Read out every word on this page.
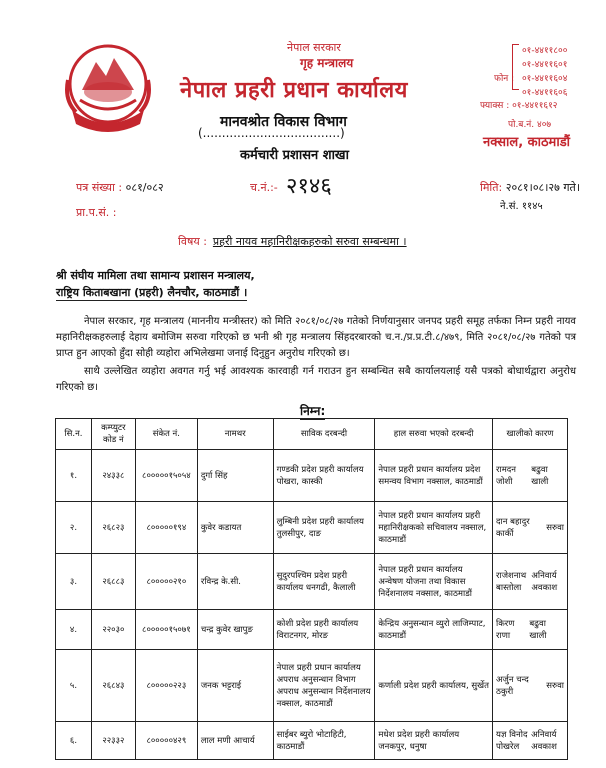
नेपाल सरकार
गृह मन्त्रालय
नेपाल प्रहरी प्रधान कार्यालय
मानवश्रोत विकास विभाग
(....................................)
कर्मचारी प्रशासन शाखा
०१-४४११८००
०१-४४११६०१
०१-४४११६०४
०१-४४११६०६
फोन :
फ्याक्स : ०१-४४११६१२
पो.ब.नं. ४०७
नक्साल, काठमाडौं
पत्र संख्या : ०८१/०८२	च.नं.:- २१४६	मिति: २०८१।०८।२७ गते।
ने.सं. ११४५
प्रा.प.सं. :
विषय : प्रहरी नायव महानिरीक्षकहरुको सरुवा सम्बन्धमा ।
श्री संघीय मामिला तथा सामान्य प्रशासन मन्त्रालय,
राष्ट्रिय किताबखाना (प्रहरी) लैनचौर, काठमाडौं ।
नेपाल सरकार, गृह मन्त्रालय (माननीय मन्त्रीस्तर) को मिति २०८१/०८/२७ गतेको निर्णयानुसार जनपद प्रहरी समूह तर्फका निम्न प्रहरी नायव महानिरीक्षकहरुलाई देहाय बमोजिम सरुवा गरिएको छ भनी श्री गृह मन्त्रालय सिंहदरबारको च.न./प्र.प्र.टी.८/४७९, मिति २०८१/०८/२७ गतेको पत्र प्राप्त हुन आएको हुँदा सोही व्यहोरा अभिलेखमा जनाई दिनुहुन अनुरोध गरिएको छ।
साथै उल्लेखित व्यहोरा अवगत गर्नु भई आवश्यक कारवाही गर्न गराउन हुन सम्बन्धित सबै कार्यालयलाई यसै पत्रको बोधार्थद्वारा अनुरोध गरिएको छ।
निम्न:
सि.न.	कम्प्युटर कोड नं	संकेत नं.	नामथर	साविक दरबन्दी	हाल सरुवा भएको दरबन्दी	खालीको कारण
१.	२४३३८	८०००००१५०५४	दुर्गा सिंह	गण्डकी प्रदेश प्रहरी कार्यालय पोखरा, कास्की	नेपाल प्रहरी प्रधान कार्यालय प्रदेश समन्वय विभाग नक्साल, काठमाडौं	रामदन जोशी
बढुवा खाली

२.	२६८२३	८०००००१९४	कुवेर कडायत	लुम्बिनी प्रदेश प्रहरी कार्यालय तुलसीपुर, दाङ	नेपाल प्रहरी प्रधान कार्यालय प्रहरी महानिरीक्षकको सचिवालय नक्साल, काठमाडौं	दान बहादुर कार्की
सरुवा

३.	२६८८३	८०००००२१०	रविन्द्र के.सी.	सुदुरपश्चिम प्रदेश प्रहरी कार्यालय धनगढी, कैलाली	नेपाल प्रहरी प्रधान कार्यालय अन्वेषण योजना तथा विकास निर्देशनालय नक्साल, काठमाडौं	राजेशनाथ बास्तोला
अनिवार्य अवकाश

४.	२२०३०	८०००००१५०७१	चन्द्र कुवेर खापुङ	कोशी प्रदेश प्रहरी कार्यालय विराटनगर, मोरङ	केन्द्रिय अनुसन्धान व्युरो लाजिम्पाट, काठमाडौं	किरण राणा
बढुवा खाली

५.	२६८४३	८०००००२२३	जनक भट्टराई	नेपाल प्रहरी प्रधान कार्यालय अपराध अनुसन्धान विभाग अपराध अनुसन्धान निर्देशनालय नक्साल, काठमाडौं	कर्णाली प्रदेश प्रहरी कार्यालय, सुर्खेत	अर्जुन चन्द ठकुरी
सरुवा

६.	२२३३२	८०००००४२९	लाल मणी आचार्य	साईबर ब्युरो भोटाहिटी, काठमाडौं	मधेश प्रदेश प्रहरी कार्यालय जनकपुर, धनुषा	यज्ञ विनोद पोखरेल
अनिवार्य अवकाश
